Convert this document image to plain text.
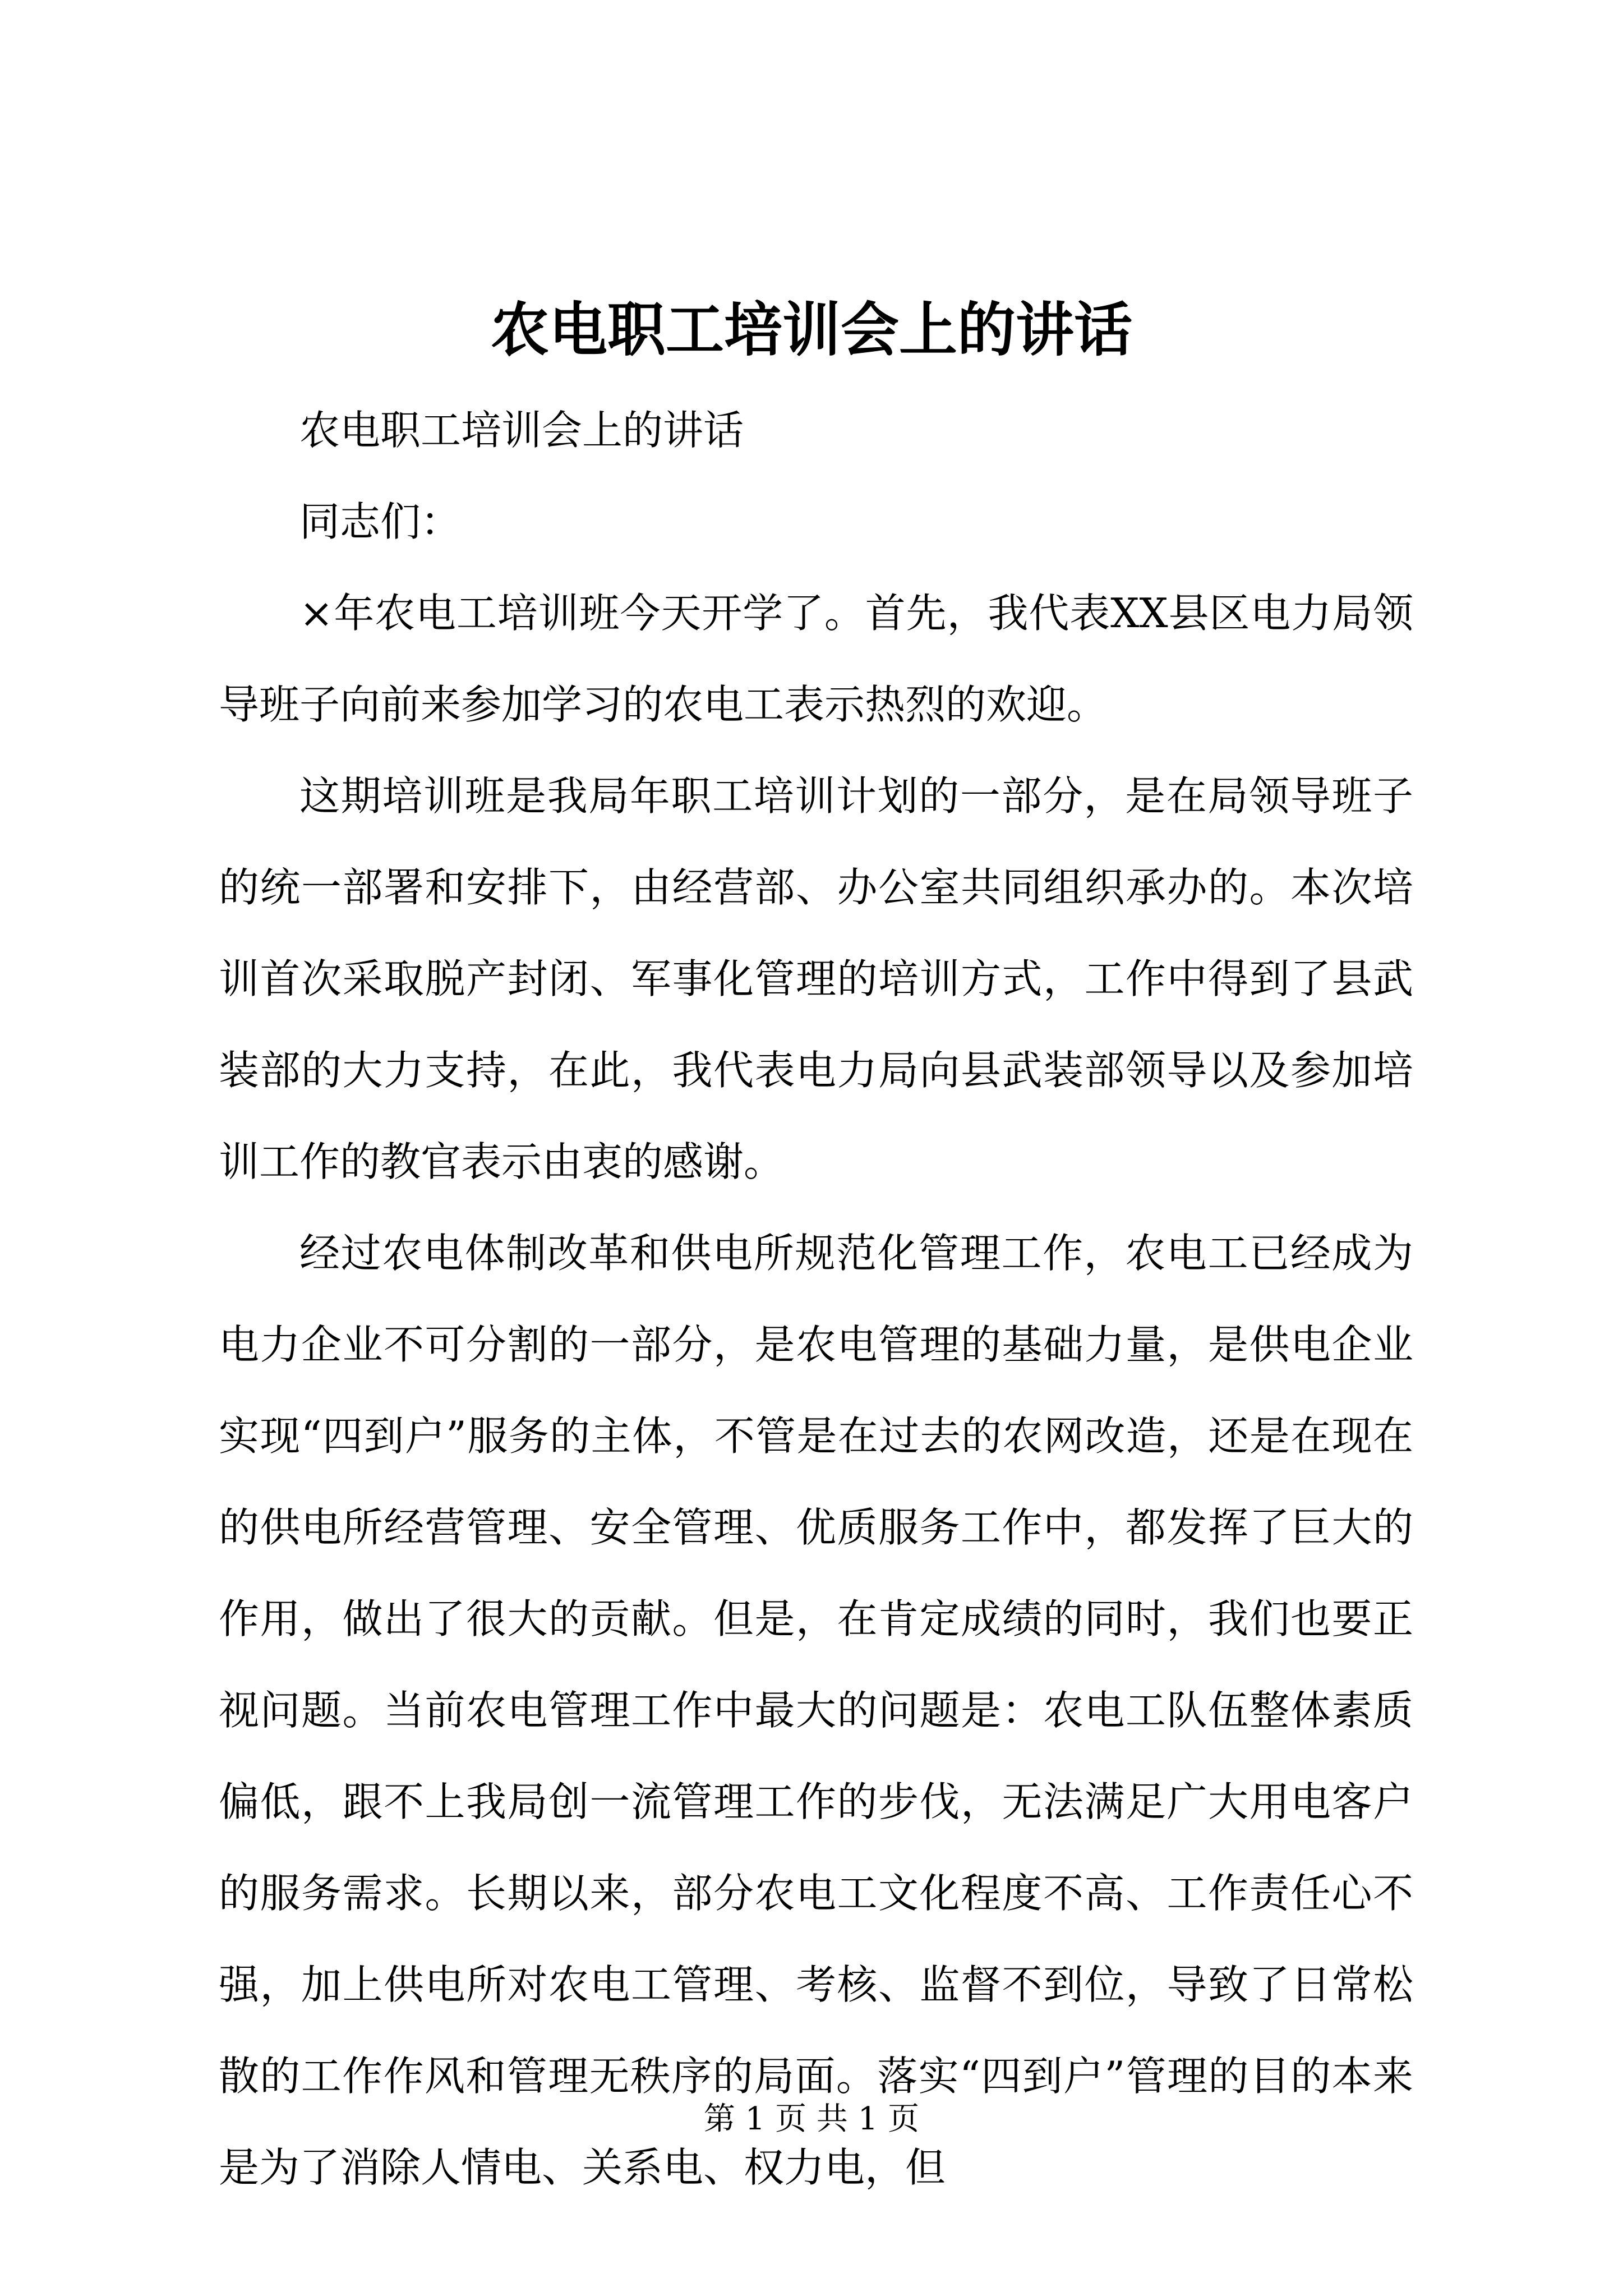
农电职工培训会上的讲话

农电职工培训会上的讲话

同志们：

×年农电工培训班今天开学了。首先，我代表XX县区电力局领导班子向前来参加学习的农电工表示热烈的欢迎。

这期培训班是我局年职工培训计划的一部分，是在局领导班子的统一部署和安排下，由经营部、办公室共同组织承办的。本次培训首次采取脱产封闭、军事化管理的培训方式，工作中得到了县武装部的大力支持，在此，我代表电力局向县武装部领导以及参加培训工作的教官表示由衷的感谢。

经过农电体制改革和供电所规范化管理工作，农电工已经成为电力企业不可分割的一部分，是农电管理的基础力量，是供电企业实现“四到户”服务的主体，不管是在过去的农网改造，还是在现在的供电所经营管理、安全管理、优质服务工作中，都发挥了巨大的作用，做出了很大的贡献。但是，在肯定成绩的同时，我们也要正视问题。当前农电管理工作中最大的问题是：农电工队伍整体素质偏低，跟不上我局创一流管理工作的步伐，无法满足广大用电客户的服务需求。长期以来，部分农电工文化程度不高、工作责任心不强，加上供电所对农电工管理、考核、监督不到位，导致了日常松散的工作作风和管理无秩序的局面。落实“四到户”管理的目的本来是为了消除人情电、关系电、权力电，但

第 1 页 共 1 页
